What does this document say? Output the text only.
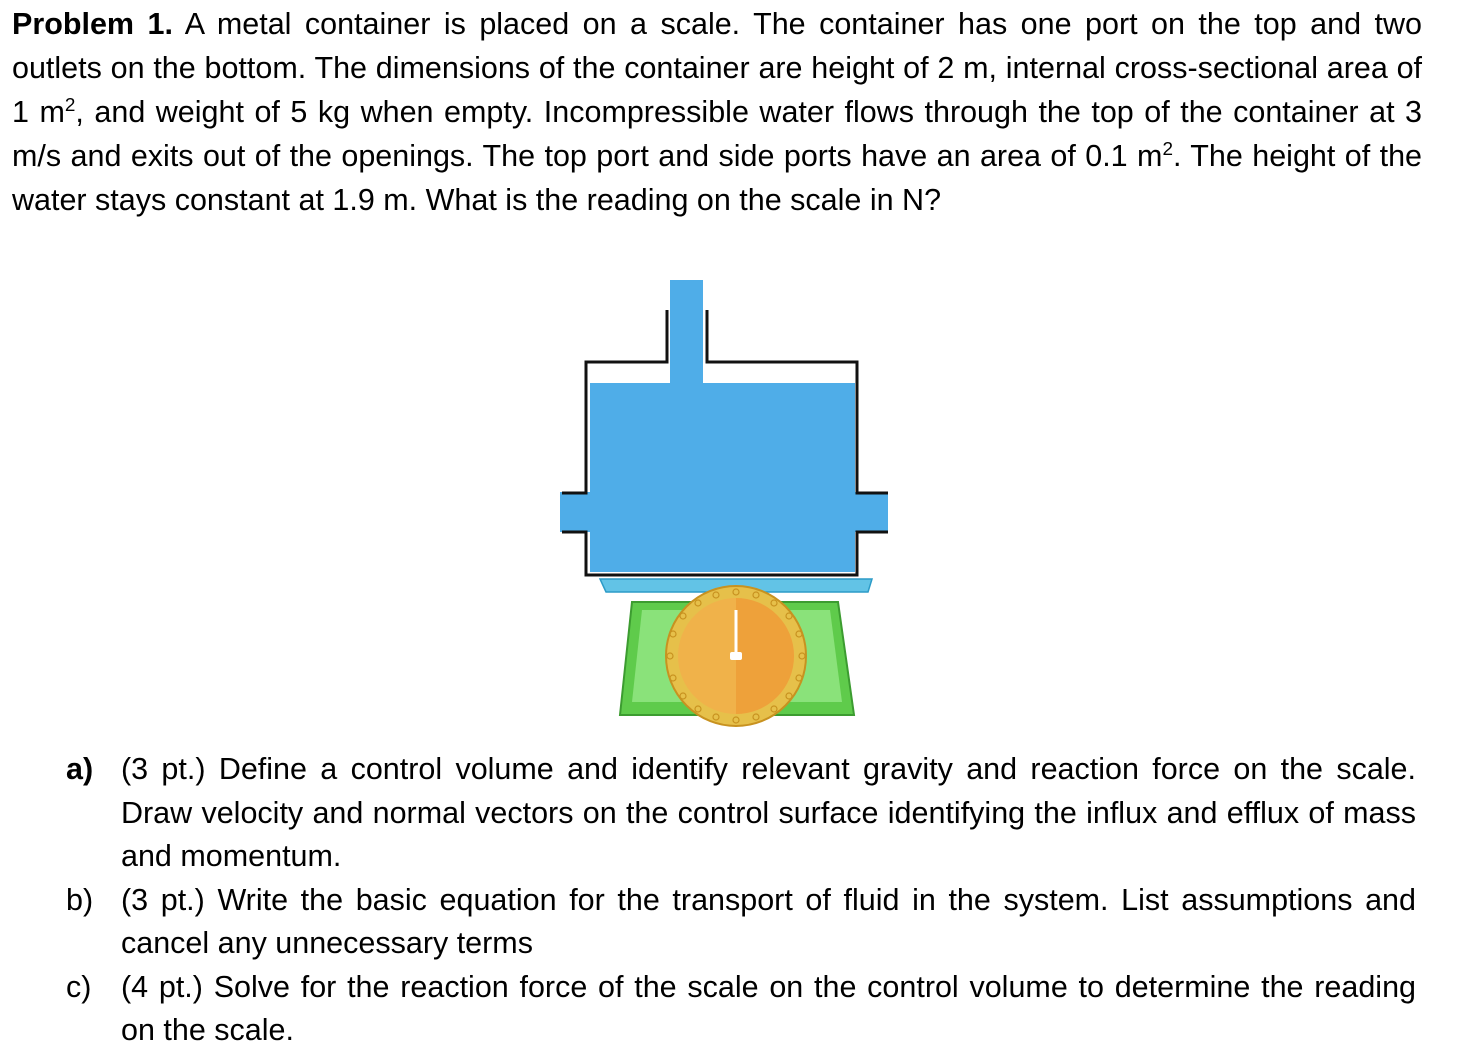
Problem 1. A metal container is placed on a scale. The container has one port on the top and two outlets on the bottom. The dimensions of the container are height of 2 m, internal cross-sectional area of 1 $m^2$, and weight of 5 kg when empty. Incompressible water flows through the top of the container at 3 m/s and exits out of the openings. The top port and side ports have an area of 0.1 $m^2$. The height of the water stays constant at 1.9 m. What is the reading on the scale in N?
a) (3 pt.) Define a control volume and identify relevant gravity and reaction force on the scale. Draw velocity and normal vectors on the control surface identifying the influx and efflux of mass and momentum.
b) (3 pt.) Write the basic equation for the transport of fluid in the system. List assumptions and cancel any unnecessary terms
c) (4 pt.) Solve for the reaction force of the scale on the control volume to determine the reading on the scale.
